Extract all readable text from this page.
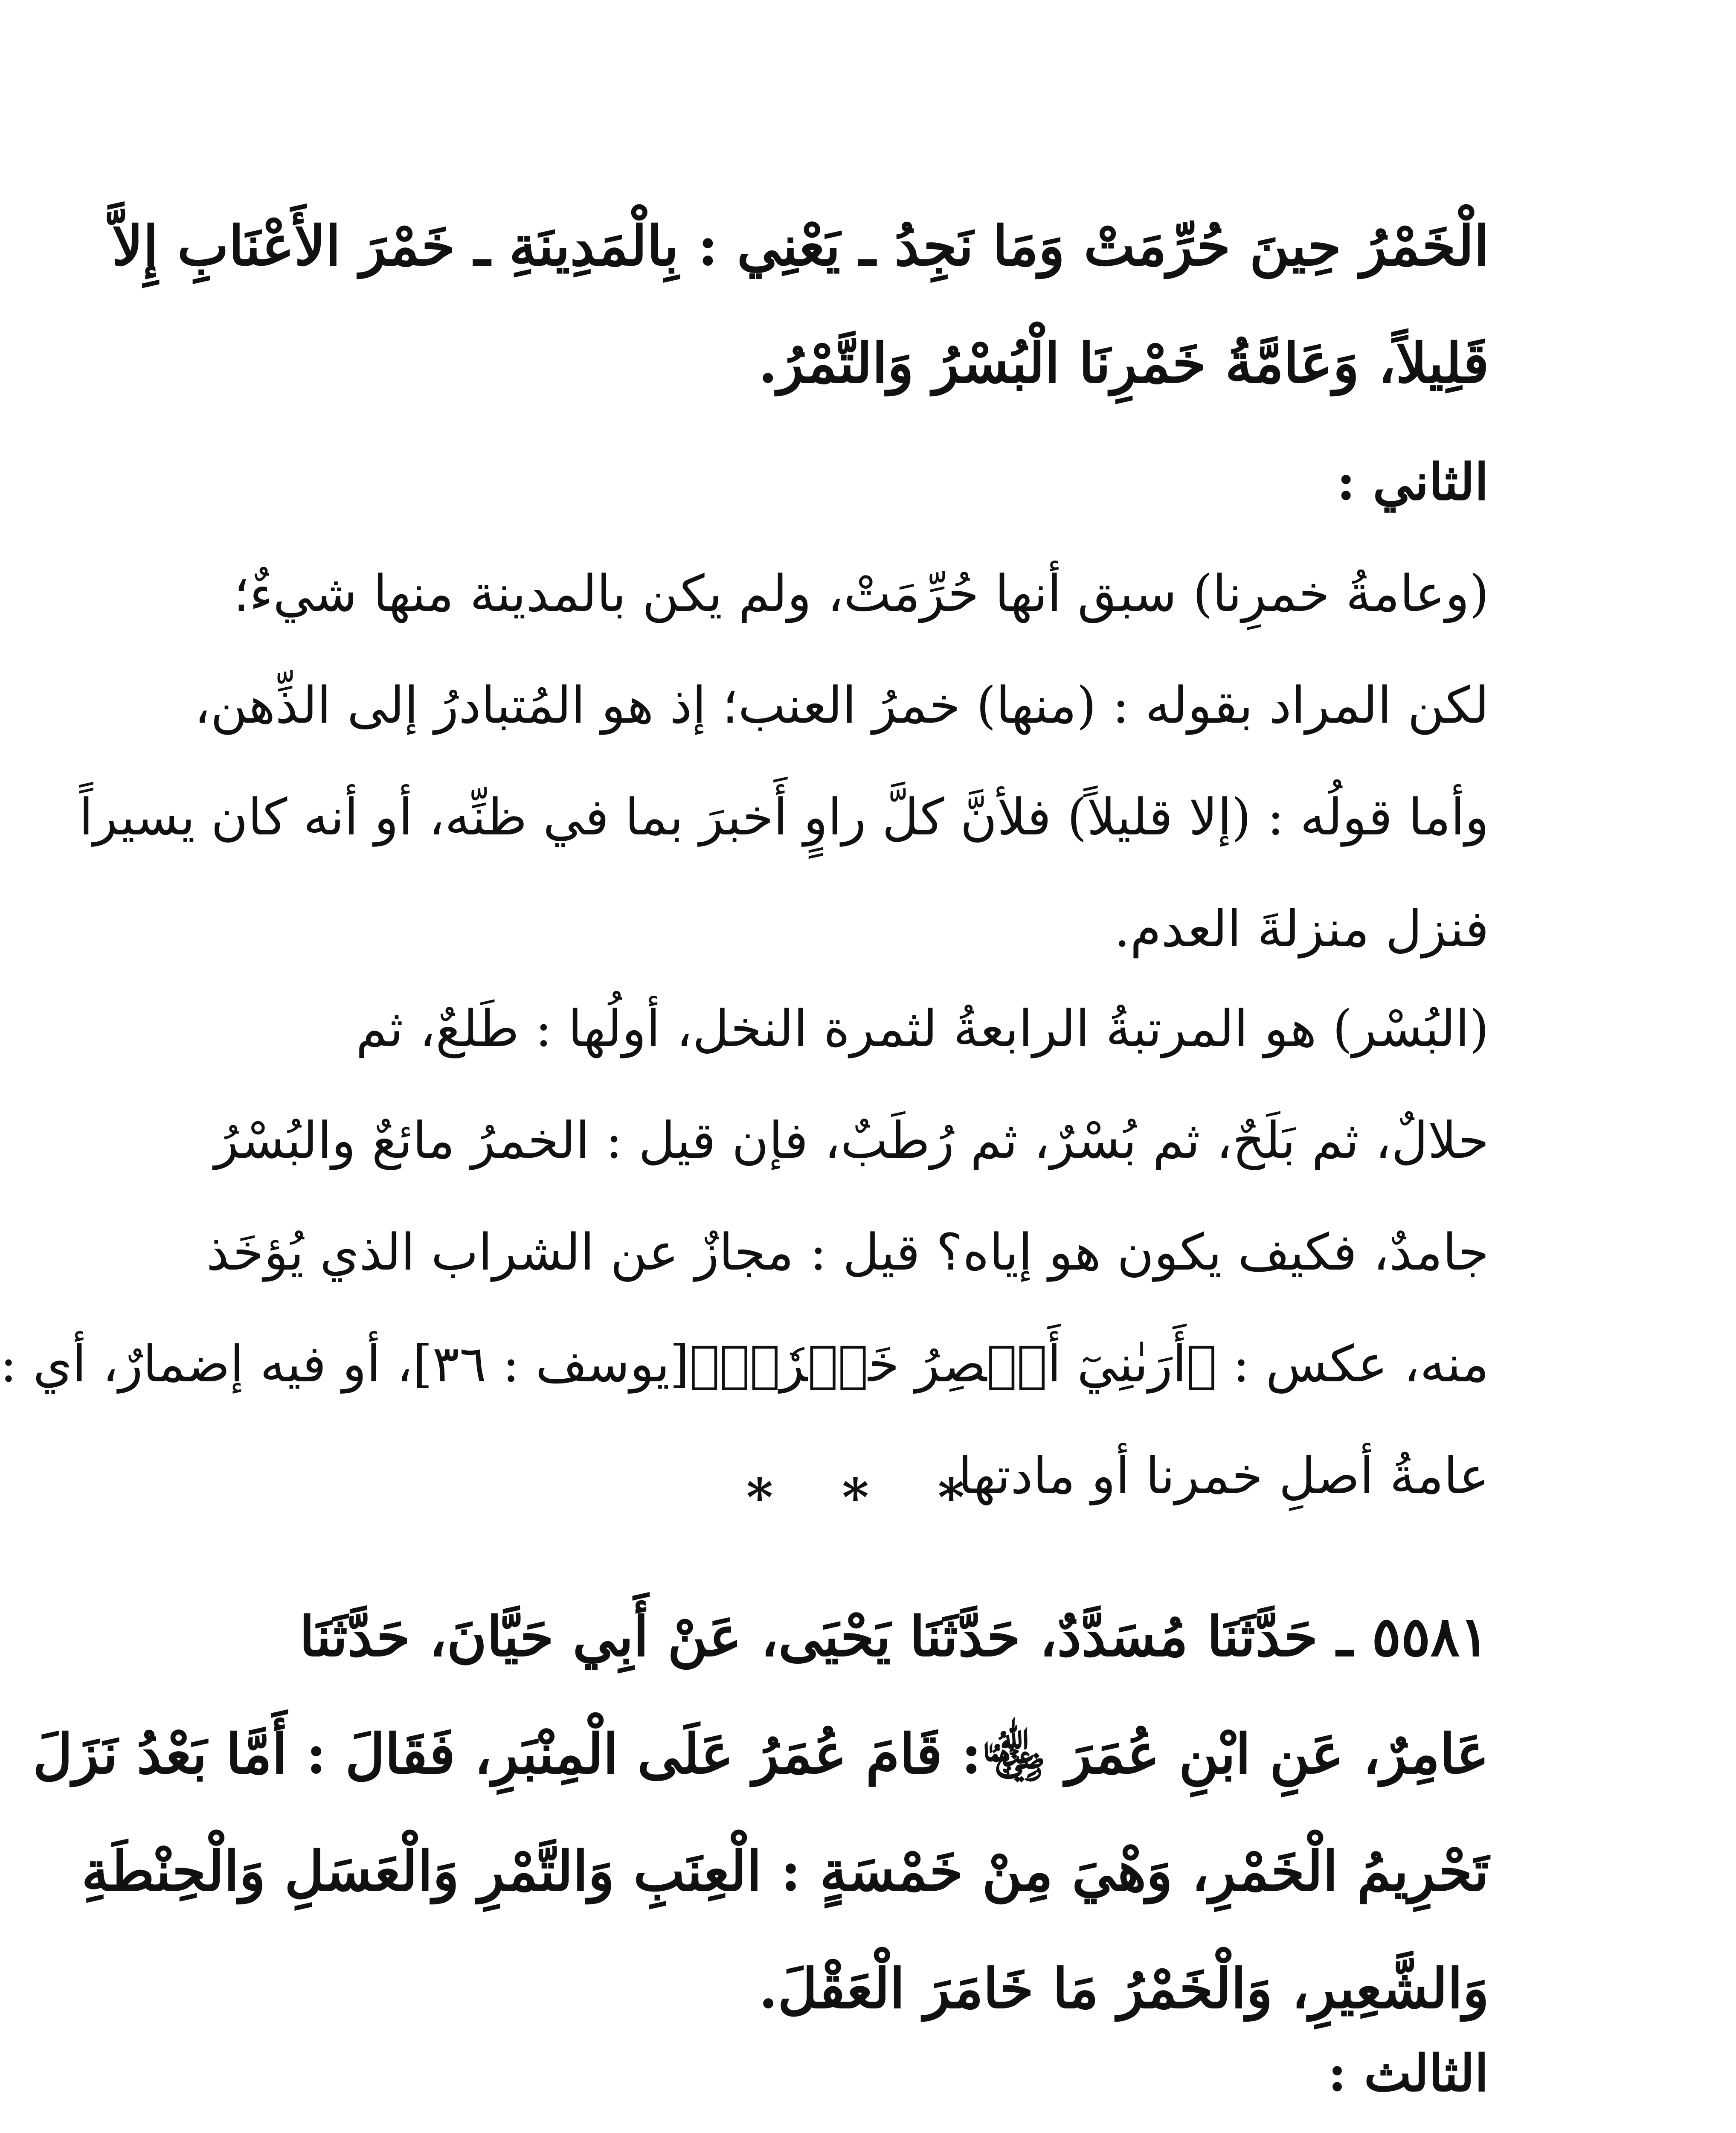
الْخَمْرُ حِينَ حُرِّمَتْ وَمَا نَجِدُ ـ يَعْنِي : بِالْمَدِينَةِ ـ خَمْرَ الأَعْنَابِ إِلاَّ
قَلِيلاً، وَعَامَّةُ خَمْرِنَا الْبُسْرُ وَالتَّمْرُ.
الثاني :
(وعامةُ خمرِنا) سبق أنها حُرِّمَتْ، ولم يكن بالمدينة منها شيءٌ؛
لكن المراد بقوله : (منها) خمرُ العنب؛ إذ هو المُتبادرُ إلى الذِّهن،
وأما قولُه : (إلا قليلاً) فلأنَّ كلَّ راوٍ أَخبرَ بما في ظنِّه، أو أنه كان يسيراً
فنزل منزلةَ العدم.
(البُسْر) هو المرتبةُ الرابعةُ لثمرة النخل، أولُها : طَلعٌ، ثم
حلالٌ، ثم بَلَحٌ، ثم بُسْرٌ، ثم رُطَبٌ، فإن قيل : الخمرُ مائعٌ والبُسْرُ
جامدٌ، فكيف يكون هو إياه؟ قيل : مجازٌ عن الشراب الذي يُؤخَذ
منه، عكس : ﴿أَرَىٰنِيٓ أَعۡصِرُ خَمۡرٗاۖ﴾[يوسف : ٣٦]، أو فيه إضمارٌ، أي :
عامةُ أصلِ خمرنا أو مادتها.
* * *
٥٥٨١ ـ حَدَّثَنَا مُسَدَّدٌ، حَدَّثَنَا يَحْيَى، عَنْ أَبِي حَيَّانَ، حَدَّثَنَا
عَامِرٌ، عَنِ ابْنِ عُمَرَ ﵄: قَامَ عُمَرُ عَلَى الْمِنْبَرِ، فَقَالَ : أَمَّا بَعْدُ نَزَلَ
تَحْرِيمُ الْخَمْرِ، وَهْيَ مِنْ خَمْسَةٍ : الْعِنَبِ وَالتَّمْرِ وَالْعَسَلِ وَالْحِنْطَةِ
وَالشَّعِيرِ، وَالْخَمْرُ مَا خَامَرَ الْعَقْلَ.
الثالث :
